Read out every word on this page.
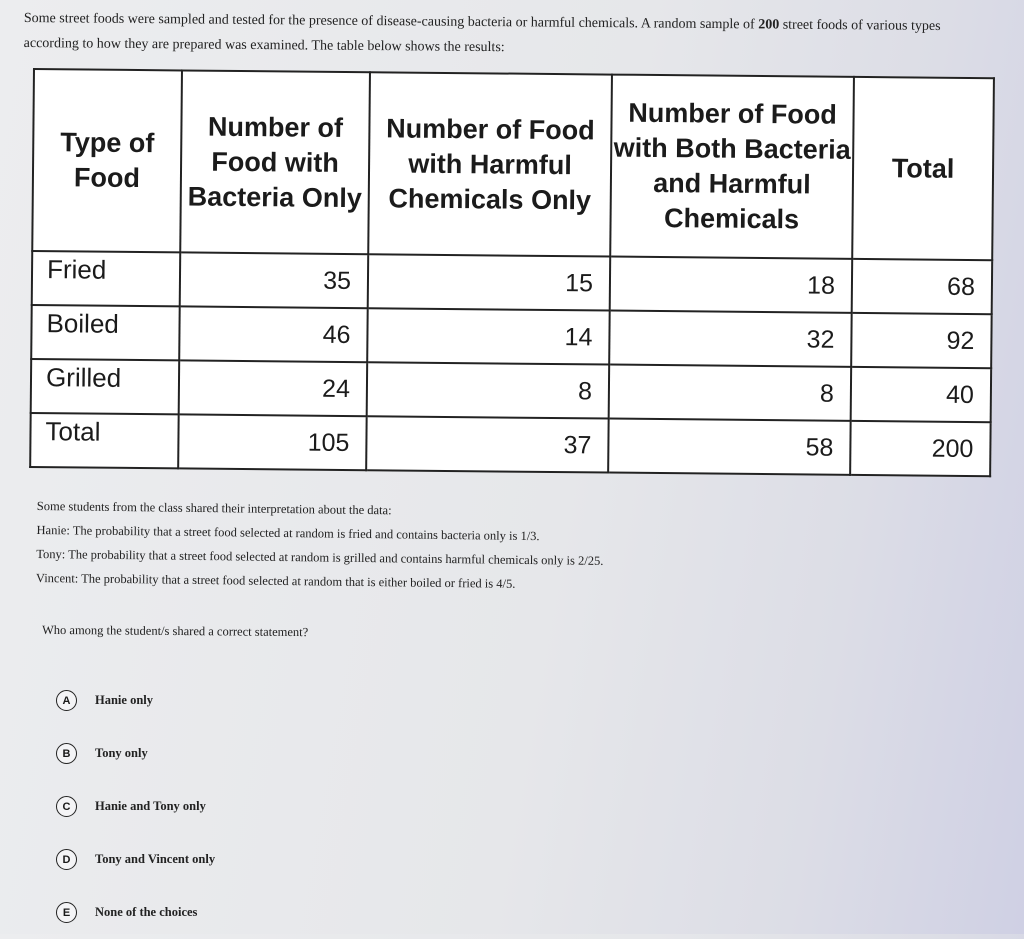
Some street foods were sampled and tested for the presence of disease-causing bacteria or harmful chemicals. A random sample of 200 street foods of various types according to how they are prepared was examined. The table below shows the results:
Type of Food	Number of Food with Bacteria Only	Number of Food with Harmful Chemicals Only	Number of Food with Both Bacteria and Harmful Chemicals	Total
Fried	35	15	18	68
Boiled	46	14	32	92
Grilled	24	8	8	40
Total	105	37	58	200
Some students from the class shared their interpretation about the data:
Hanie: The probability that a street food selected at random is fried and contains bacteria only is 1/3.
Tony: The probability that a street food selected at random is grilled and contains harmful chemicals only is 2/25.
Vincent: The probability that a street food selected at random that is either boiled or fried is 4/5.
Who among the student/s shared a correct statement?
A	Hanie only
B	Tony only
C	Hanie and Tony only
D	Tony and Vincent only
E	None of the choices
